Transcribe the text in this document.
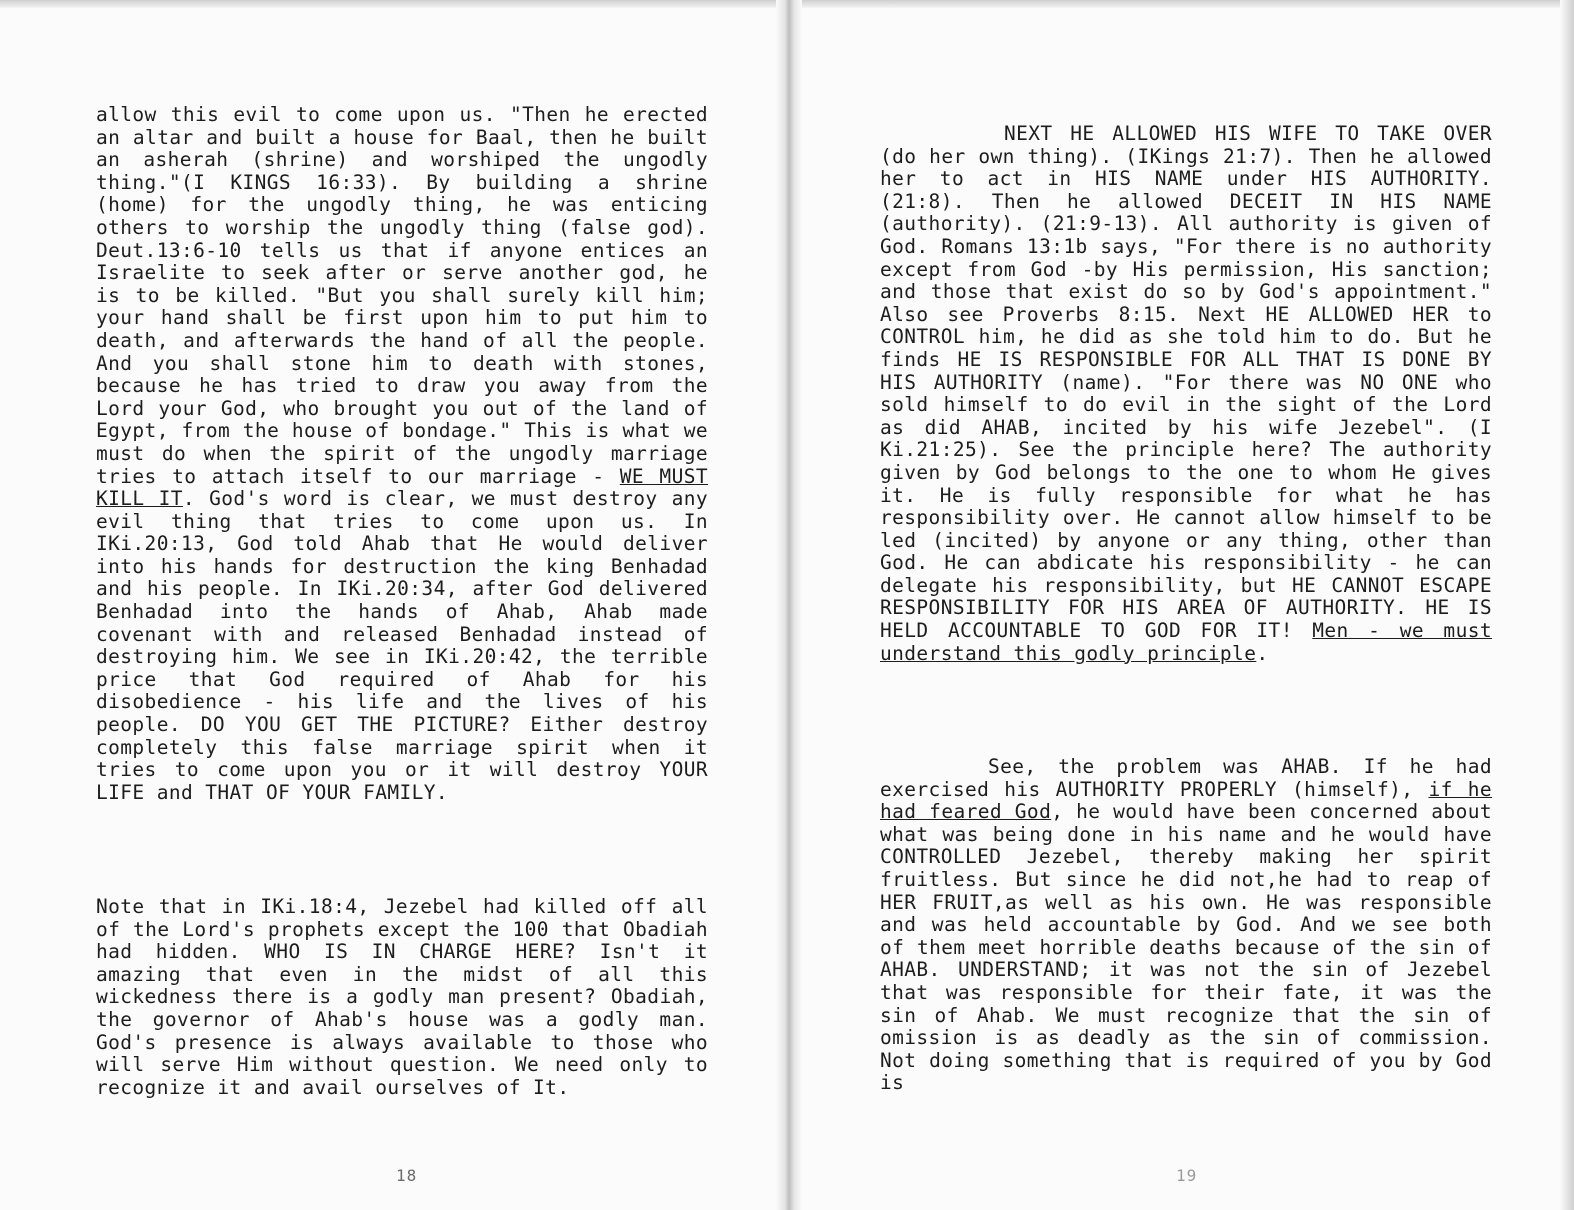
allow this evil to come upon us. "Then he erected an altar and built a house for Baal, then he built an asherah (shrine) and worshiped the ungodly thing."(I KINGS 16:33). By building a shrine (home) for the ungodly thing, he was enticing others to worship the ungodly thing (false god). Deut.13:6-10 tells us that if anyone entices an Israelite to seek after or serve another god, he is to be killed. "But you shall surely kill him; your hand shall be first upon him to put him to death, and afterwards the hand of all the people. And you shall stone him to death with stones, because he has tried to draw you away from the Lord your God, who brought you out of the land of Egypt, from the house of bondage." This is what we must do when the spirit of the ungodly marriage tries to attach itself to our marriage - WE MUST KILL IT. God's word is clear, we must destroy any evil thing that tries to come upon us. In IKi.20:13, God told Ahab that He would deliver into his hands for destruction the king Benhadad and his people. In IKi.20:34, after God delivered Benhadad into the hands of Ahab, Ahab made covenant with and released Benhadad instead of destroying him. We see in IKi.20:42, the terrible price that God required of Ahab for his disobedience - his life and the lives of his people. DO YOU GET THE PICTURE? Either destroy completely this false marriage spirit when it tries to come upon you or it will destroy YOUR LIFE and THAT OF YOUR FAMILY.
Note that in IKi.18:4, Jezebel had killed off all of the Lord's prophets except the 100 that Obadiah had hidden. WHO IS IN CHARGE HERE? Isn't it amazing that even in the midst of all this wickedness there is a godly man present? Obadiah, the governor of Ahab's house was a godly man. God's presence is always available to those who will serve Him without question. We need only to recognize it and avail ourselves of It.
18
NEXT HE ALLOWED HIS WIFE TO TAKE OVER (do her own thing). (IKings 21:7). Then he allowed her to act in HIS NAME under HIS AUTHORITY. (21:8). Then he allowed DECEIT IN HIS NAME (authority). (21:9-13). All authority is given of God. Romans 13:1b says, "For there is no authority except from God -by His permission, His sanction; and those that exist do so by God's appointment." Also see Proverbs 8:15. Next HE ALLOWED HER to CONTROL him, he did as she told him to do. But he finds HE IS RESPONSIBLE FOR ALL THAT IS DONE BY HIS AUTHORITY (name). "For there was NO ONE who sold himself to do evil in the sight of the Lord as did AHAB, incited by his wife Jezebel". (I Ki.21:25). See the principle here? The authority given by God belongs to the one to whom He gives it. He is fully responsible for what he has responsibility over. He cannot allow himself to be led (incited) by anyone or any thing, other than God. He can abdicate his responsibility - he can delegate his responsibility, but HE CANNOT ESCAPE RESPONSIBILITY FOR HIS AREA OF AUTHORITY. HE IS HELD ACCOUNTABLE TO GOD FOR IT! Men - we must understand this godly principle.
See, the problem was AHAB. If he had exercised his AUTHORITY PROPERLY (himself), if he had feared God, he would have been concerned about what was being done in his name and he would have CONTROLLED Jezebel, thereby making her spirit fruitless. But since he did not,he had to reap of HER FRUIT,as well as his own. He was responsible and was held accountable by God. And we see both of them meet horrible deaths because of the sin of AHAB. UNDERSTAND; it was not the sin of Jezebel that was responsible for their fate, it was the sin of Ahab. We must recognize that the sin of omission is as deadly as the sin of commission. Not doing something that is required of you by God is
19
